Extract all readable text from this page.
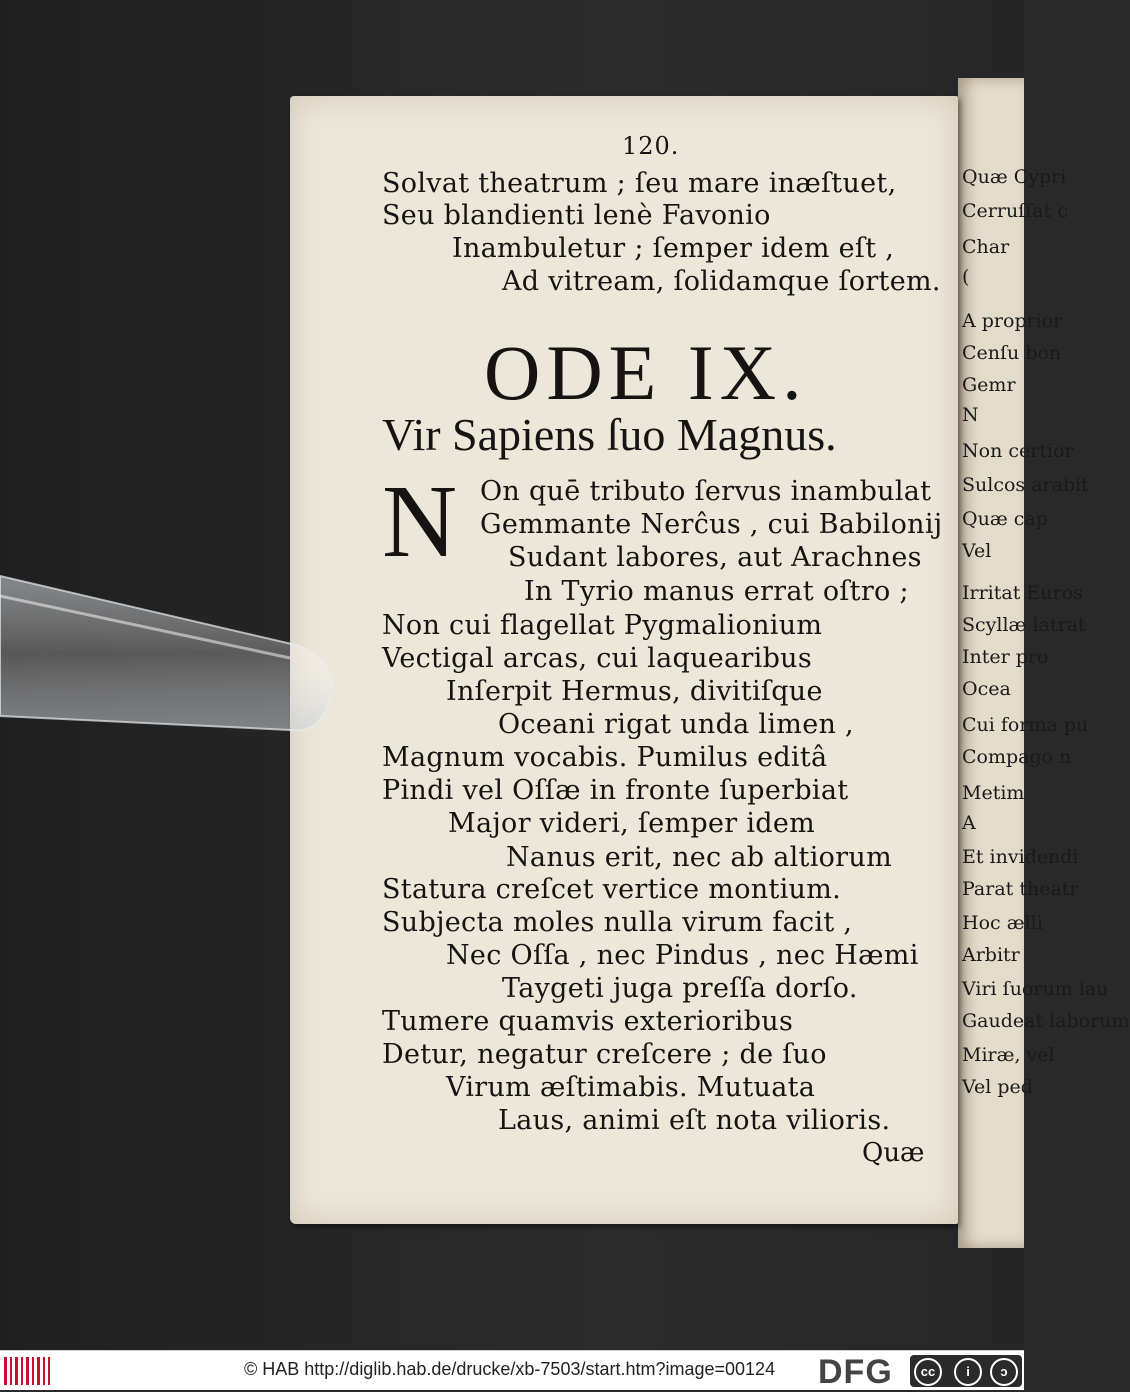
Quæ Cypri
Cerruſſat c
Char
(
A proprior
Cenſu bon
Gemr
N
Non certior
Sulcos arabit
Quæ cap
Vel
Irritat Euros
Scyllæ latrat
Inter pro
Ocea
Cui forma pu
Compago n
Metim
A
Et invidendi
Parat theatr
Hoc ælli
Arbitr
Viri ſuorum lau
Gaudeat laborum
Miræ, vel
Vel ped
120.
Solvat theatrum ; ſeu mare inæſtuet,
Seu blandienti lenè Favonio
Inambuletur ; ſemper idem eſt ,
Ad vitream, ſolidamque ſortem.
ODE IX.
Vir Sapiens ſuo Magnus.
N On quē tributo ſervus inambulat
Gemmante Nerĉus , cui Babilonij
Sudant labores, aut Arachnes
In Tyrio manus errat oſtro ;
Non cui flagellat Pygmalionium
Vectigal arcas, cui laquearibus
Inſerpit Hermus, divitiſque
Oceani rigat unda limen ,
Magnum vocabis. Pumilus editâ
Pindi vel Oſſæ in fronte ſuperbiat
Major videri, ſemper idem
Nanus erit, nec ab altiorum
Statura creſcet vertice montium.
Subjecta moles nulla virum facit ,
Nec Oſſa , nec Pindus , nec Hæmi
Taygeti juga preſſa dorſo.
Tumere quamvis exterioribus
Detur, negatur creſcere ; de ſuo
Virum æſtimabis. Mutuata
Laus, animi eſt nota vilioris.
Quæ
© HAB http://diglib.hab.de/drucke/xb-7503/start.htm?image=00124 DFG	cc	i	ↄ
